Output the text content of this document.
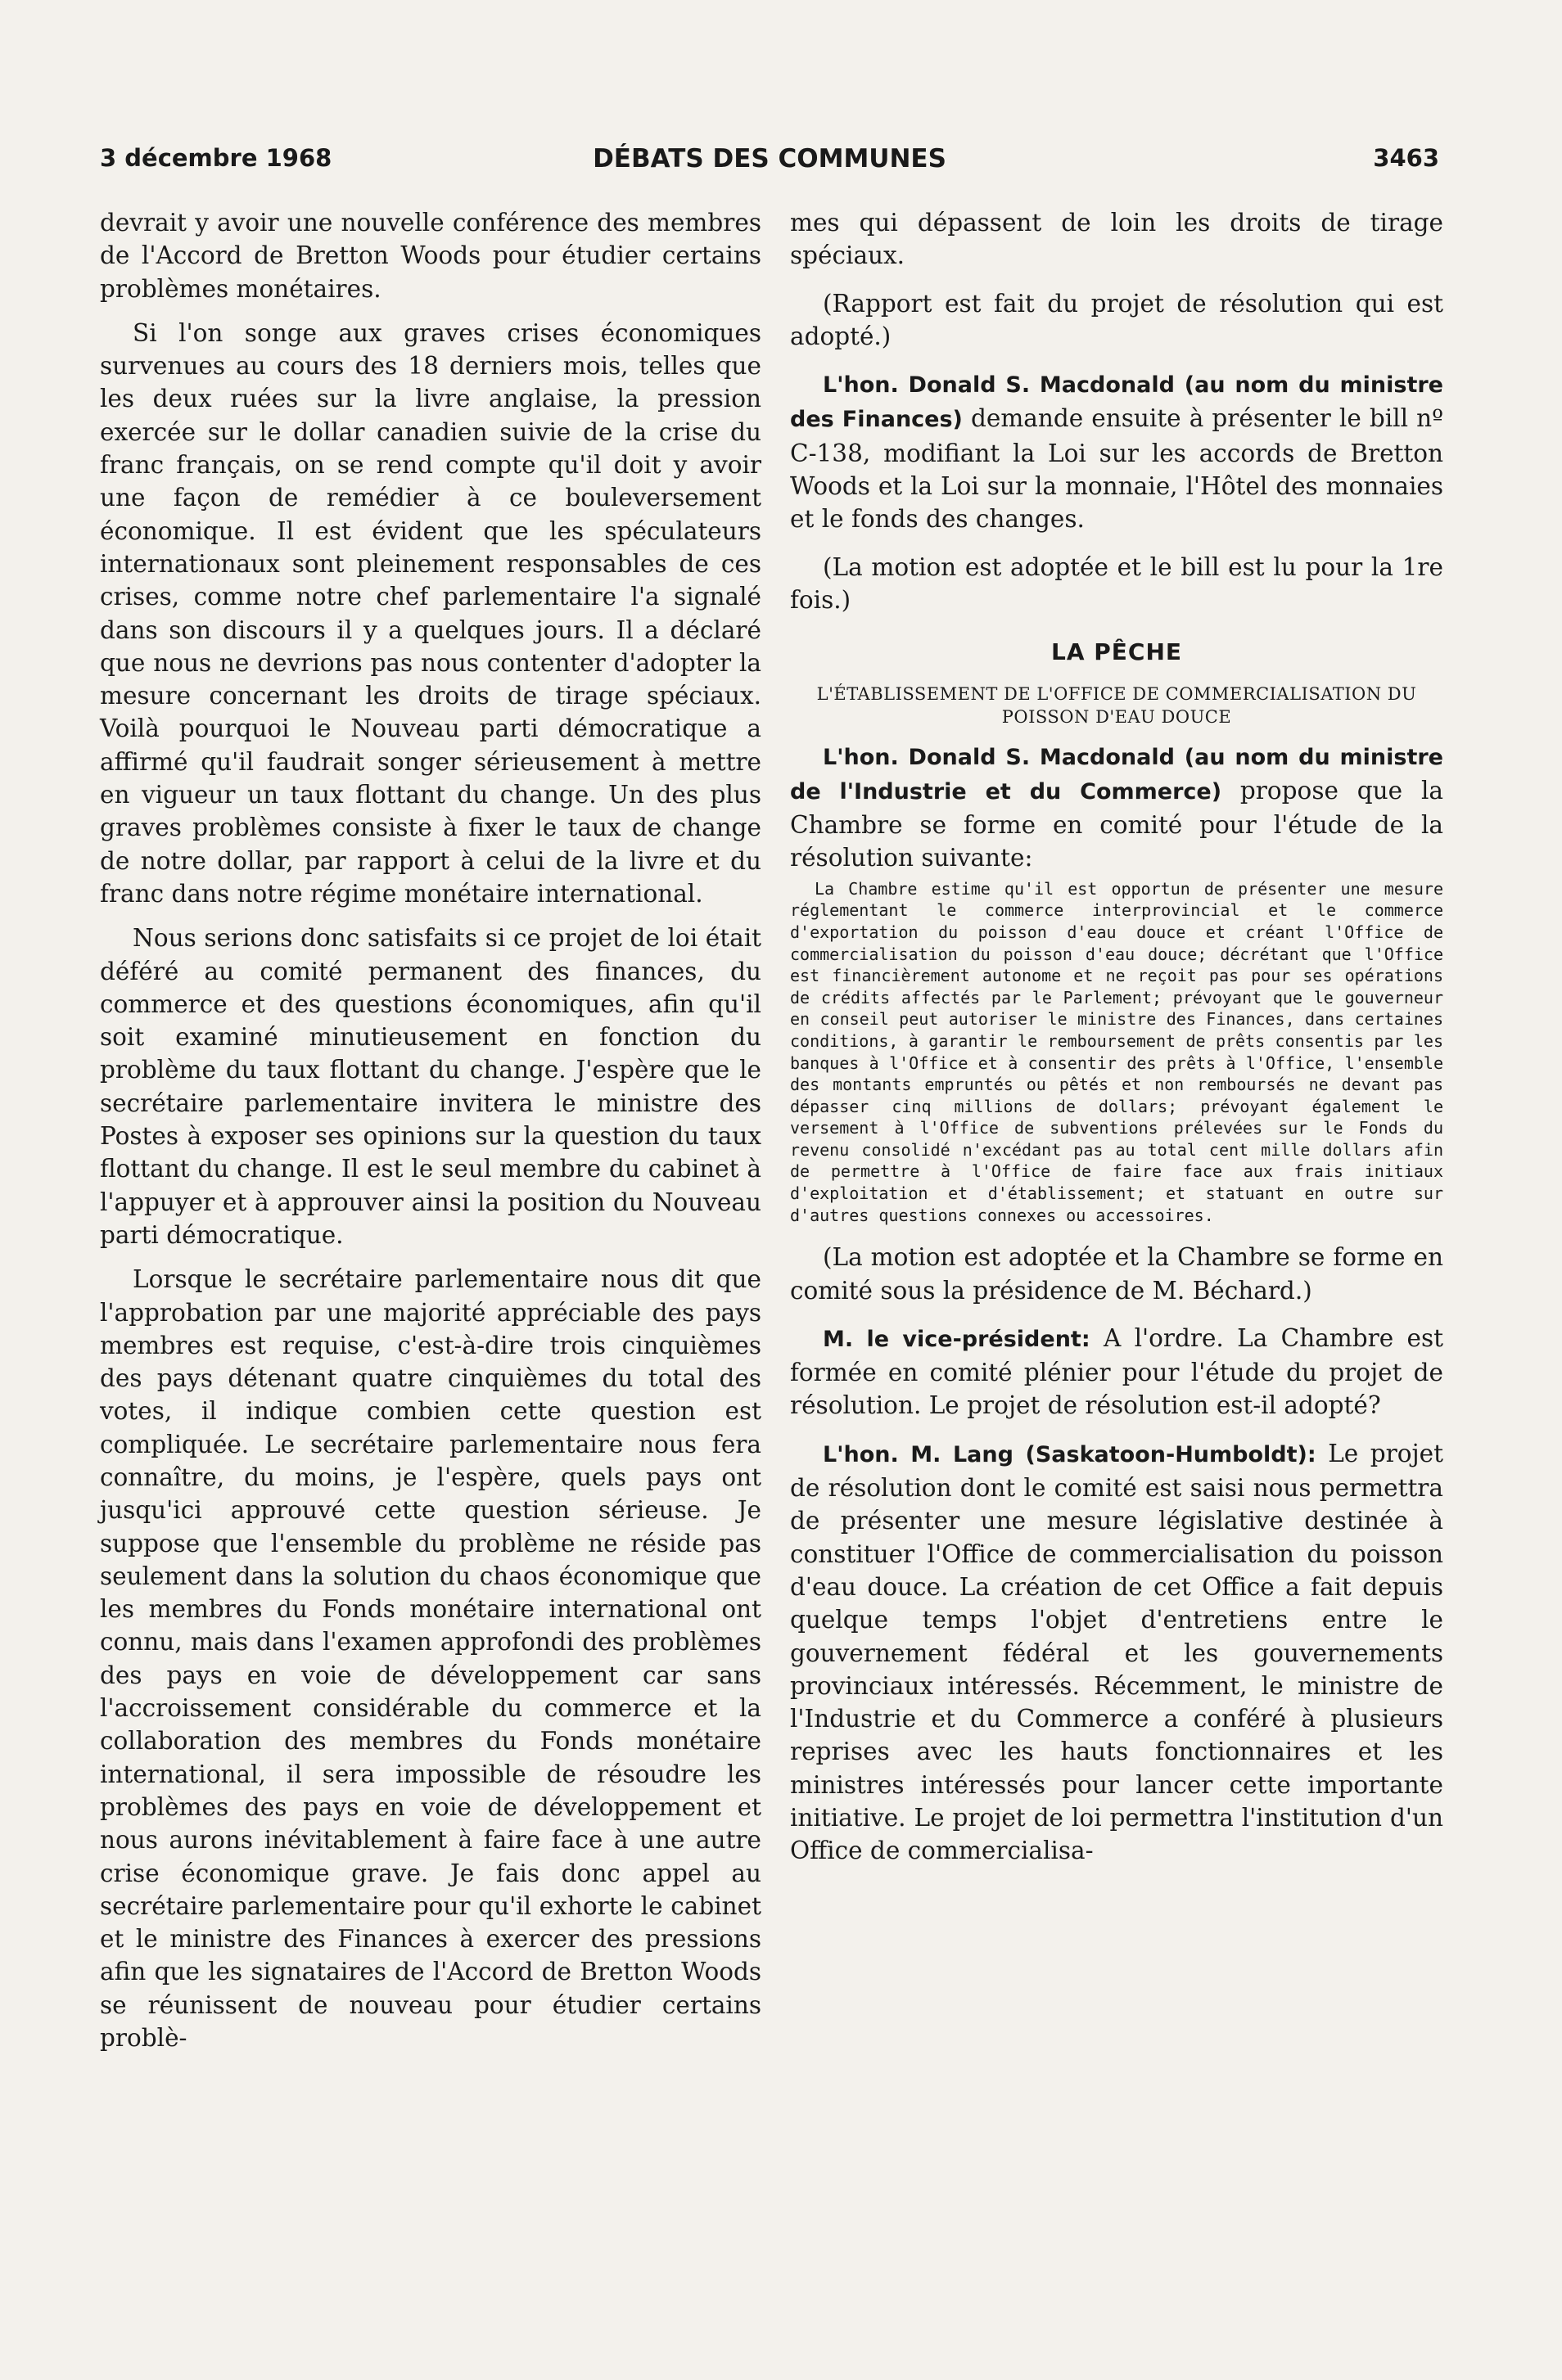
3 décembre 1968	DÉBATS DES COMMUNES	3463

devrait y avoir une nouvelle conférence des membres de l'Accord de Bretton Woods pour étudier certains problèmes monétaires.

Si l'on songe aux graves crises économiques survenues au cours des 18 derniers mois, telles que les deux ruées sur la livre anglaise, la pression exercée sur le dollar canadien suivie de la crise du franc français, on se rend compte qu'il doit y avoir une façon de remédier à ce bouleversement économique. Il est évident que les spéculateurs internationaux sont pleinement responsables de ces crises, comme notre chef parlementaire l'a signalé dans son discours il y a quelques jours. Il a déclaré que nous ne devrions pas nous contenter d'adopter la mesure concernant les droits de tirage spéciaux. Voilà pourquoi le Nouveau parti démocratique a affirmé qu'il faudrait songer sérieusement à mettre en vigueur un taux flottant du change. Un des plus graves problèmes consiste à fixer le taux de change de notre dollar, par rapport à celui de la livre et du franc dans notre régime monétaire international.

Nous serions donc satisfaits si ce projet de loi était déféré au comité permanent des finances, du commerce et des questions économiques, afin qu'il soit examiné minutieusement en fonction du problème du taux flottant du change. J'espère que le secrétaire parlementaire invitera le ministre des Postes à exposer ses opinions sur la question du taux flottant du change. Il est le seul membre du cabinet à l'appuyer et à approuver ainsi la position du Nouveau parti démocratique.

Lorsque le secrétaire parlementaire nous dit que l'approbation par une majorité appréciable des pays membres est requise, c'est-à-dire trois cinquièmes des pays détenant quatre cinquièmes du total des votes, il indique combien cette question est compliquée. Le secrétaire parlementaire nous fera connaître, du moins, je l'espère, quels pays ont jusqu'ici approuvé cette question sérieuse. Je suppose que l'ensemble du problème ne réside pas seulement dans la solution du chaos économique que les membres du Fonds monétaire international ont connu, mais dans l'examen approfondi des problèmes des pays en voie de développement car sans l'accroissement considérable du commerce et la collaboration des membres du Fonds monétaire international, il sera impossible de résoudre les problèmes des pays en voie de développement et nous aurons inévitablement à faire face à une autre crise économique grave. Je fais donc appel au secrétaire parlementaire pour qu'il exhorte le cabinet et le ministre des Finances à exercer des pressions afin que les signataires de l'Accord de Bretton Woods se réunissent de nouveau pour étudier certains problè-

mes qui dépassent de loin les droits de tirage spéciaux.

(Rapport est fait du projet de résolution qui est adopté.)

L'hon. Donald S. Macdonald (au nom du ministre des Finances) demande ensuite à présenter le bill nº C-138, modifiant la Loi sur les accords de Bretton Woods et la Loi sur la monnaie, l'Hôtel des monnaies et le fonds des changes.

(La motion est adoptée et le bill est lu pour la 1re fois.)

LA PÊCHE
L'ÉTABLISSEMENT DE L'OFFICE DE COMMERCIALISATION DU POISSON D'EAU DOUCE

L'hon. Donald S. Macdonald (au nom du ministre de l'Industrie et du Commerce) propose que la Chambre se forme en comité pour l'étude de la résolution suivante:

La Chambre estime qu'il est opportun de présenter une mesure réglementant le commerce interprovincial et le commerce d'exportation du poisson d'eau douce et créant l'Office de commercialisation du poisson d'eau douce; décrétant que l'Office est financièrement autonome et ne reçoit pas pour ses opérations de crédits affectés par le Parlement; prévoyant que le gouverneur en conseil peut autoriser le ministre des Finances, dans certaines conditions, à garantir le remboursement de prêts consentis par les banques à l'Office et à consentir des prêts à l'Office, l'ensemble des montants empruntés ou pêtés et non remboursés ne devant pas dépasser cinq millions de dollars; prévoyant également le versement à l'Office de subventions prélevées sur le Fonds du revenu consolidé n'excédant pas au total cent mille dollars afin de permettre à l'Office de faire face aux frais initiaux d'exploitation et d'établissement; et statuant en outre sur d'autres questions connexes ou accessoires.

(La motion est adoptée et la Chambre se forme en comité sous la présidence de M. Béchard.)

M. le vice-président: A l'ordre. La Chambre est formée en comité plénier pour l'étude du projet de résolution. Le projet de résolution est-il adopté?

L'hon. M. Lang (Saskatoon-Humboldt): Le projet de résolution dont le comité est saisi nous permettra de présenter une mesure législative destinée à constituer l'Office de commercialisation du poisson d'eau douce. La création de cet Office a fait depuis quelque temps l'objet d'entretiens entre le gouvernement fédéral et les gouvernements provinciaux intéressés. Récemment, le ministre de l'Industrie et du Commerce a conféré à plusieurs reprises avec les hauts fonctionnaires et les ministres intéressés pour lancer cette importante initiative. Le projet de loi permettra l'institution d'un Office de commercialisa-
